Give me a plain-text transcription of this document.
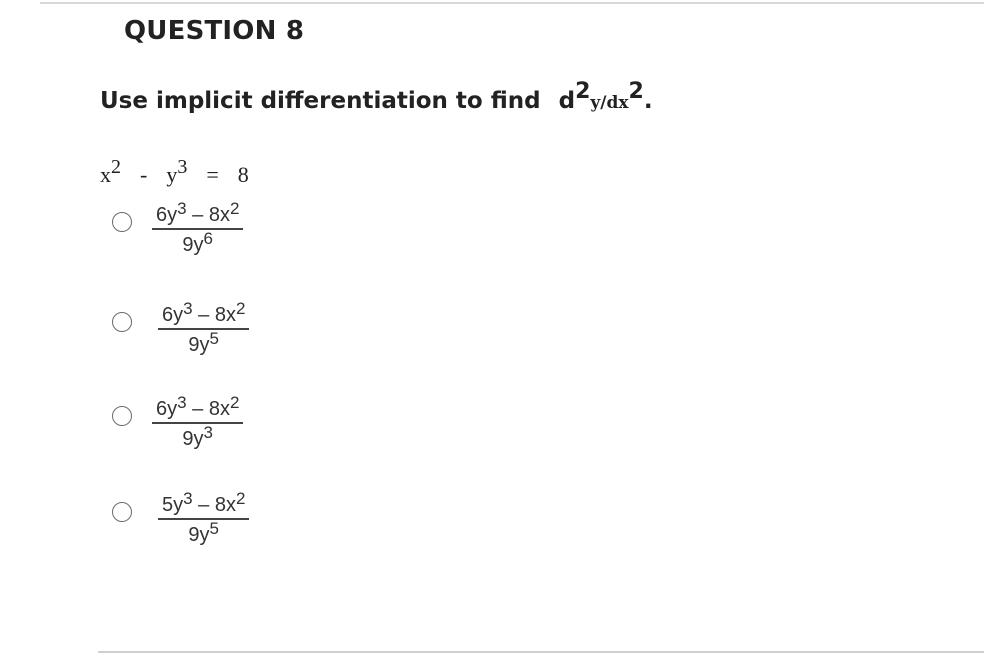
QUESTION 8
Use implicit differentiation to find $d^2y/dx^2$.
$x^2 - y^3 = 8$
$\frac{6y^3 - 8x^2}{9y^6}$
$\frac{6y^3 - 8x^2}{9y^5}$
$\frac{6y^3 - 8x^2}{9y^3}$
$\frac{5y^3 - 8x^2}{9y^5}$
